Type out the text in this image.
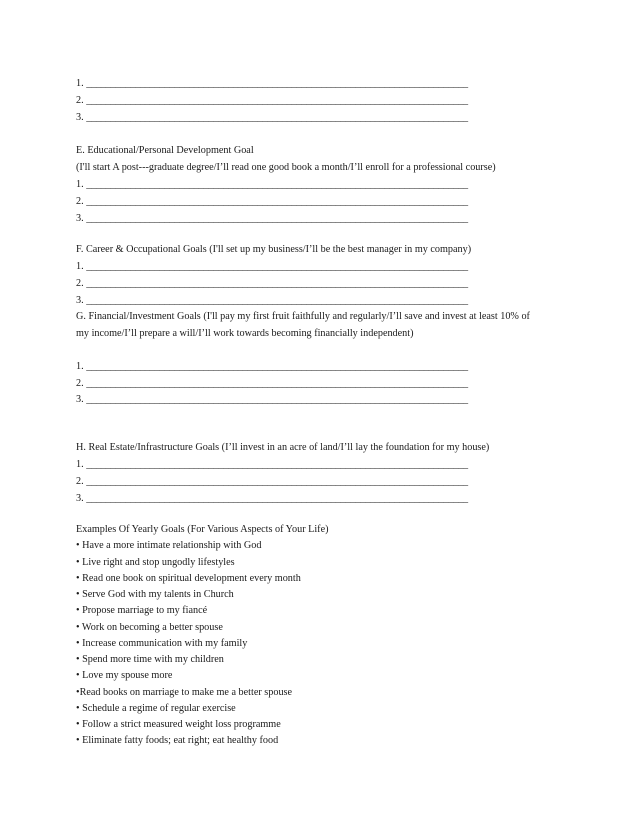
1. ______________________________________________________________________________
2. ______________________________________________________________________________
3. ______________________________________________________________________________
E. Educational/Personal Development Goal
(I'll start A post--‐graduate degree/I’ll read one good book a month/I’ll enroll for a professional course)
1. ______________________________________________________________________________
2. ______________________________________________________________________________
3. ______________________________________________________________________________
F. Career & Occupational Goals (I'll set up my business/I’ll be the best manager in my company)
1. ______________________________________________________________________________
2. ______________________________________________________________________________
3. ______________________________________________________________________________
G. Financial/Investment Goals (I'll pay my first fruit faithfully and regularly/I’ll save and invest at least 10% of
my income/I’ll prepare a will/I’ll work towards becoming financially independent)
1. ______________________________________________________________________________
2. ______________________________________________________________________________
3. ______________________________________________________________________________
H. Real Estate/Infrastructure Goals (I’ll invest in an acre of land/I’ll lay the foundation for my house)
1. ______________________________________________________________________________
2. ______________________________________________________________________________
3. ______________________________________________________________________________
Examples Of Yearly Goals (For Various Aspects of Your Life)
• Have a more intimate relationship with God
• Live right and stop ungodly lifestyles
• Read one book on spiritual development every month
• Serve God with my talents in Church
• Propose marriage to my fiancé
• Work on becoming a better spouse
• Increase communication with my family
• Spend more time with my children
• Love my spouse more
•Read books on marriage to make me a better spouse
• Schedule a regime of regular exercise
• Follow a strict measured weight loss programme
• Eliminate fatty foods; eat right; eat healthy food
